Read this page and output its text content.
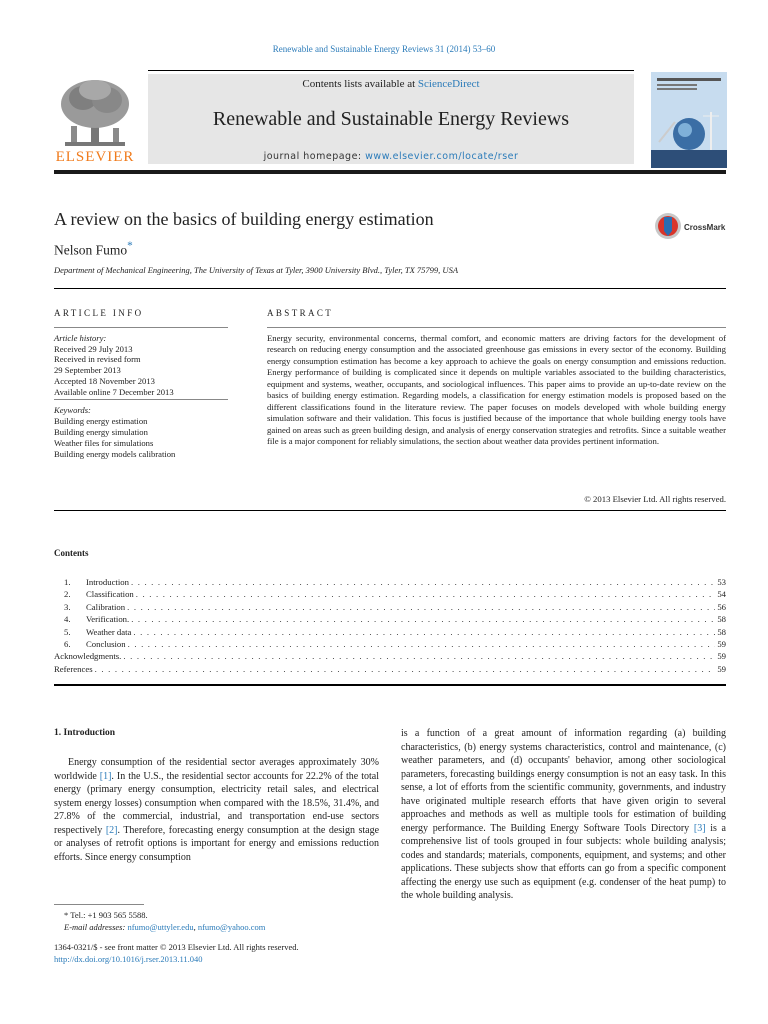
Renewable and Sustainable Energy Reviews 31 (2014) 53–60
ELSEVIER
Contents lists available at ScienceDirect
Renewable and Sustainable Energy Reviews
journal homepage: www.elsevier.com/locate/rser
A review on the basics of building energy estimation
Nelson Fumo*
Department of Mechanical Engineering, The University of Texas at Tyler, 3900 University Blvd., Tyler, TX 75799, USA
CrossMark
ARTICLE INFO
Article history:
Received 29 July 2013
Received in revised form
29 September 2013
Accepted 18 November 2013
Available online 7 December 2013
Keywords:
Building energy estimation
Building energy simulation
Weather files for simulations
Building energy models calibration
ABSTRACT
Energy security, environmental concerns, thermal comfort, and economic matters are driving factors for the development of research on reducing energy consumption and the associated greenhouse gas emissions in every sector of the economy. Building energy consumption estimation has become a key approach to achieve the goals on energy consumption and emissions reduction. Energy performance of building is complicated since it depends on multiple variables associated to the building characteristics, equipment and systems, weather, occupants, and sociological influences. This paper aims to provide an up-to-date review on the basics of building energy estimation. Regarding models, a classification for energy estimation models is proposed based on the different classifications found in the literature review. The paper focuses on models developed with whole building energy simulation software and their validation. This focus is justified because of the importance that whole building energy tools have gained on areas such as green building design, and analysis of energy conservation strategies and retrofits. Since a suitable weather file is a major component for reliably simulations, the section about weather data provides pertinent information.
© 2013 Elsevier Ltd. All rights reserved.
Contents
1.	Introduction . . .	53
2.	Classification . . .	54
3.	Calibration . . .	56
4.	Verification. . . .	58
5.	Weather data . . .	58
6.	Conclusion . . .	59
Acknowledgments. . . .	59
References . . .	59
1. Introduction
Energy consumption of the residential sector averages approximately 30% worldwide [1]. In the U.S., the residential sector accounts for 22.2% of the total energy (primary energy consumption, electricity retail sales, and electrical system energy losses) consumption when compared with the 18.5%, 31.4%, and 27.8% of the commercial, industrial, and transportation end-use sectors respectively [2]. Therefore, forecasting energy consumption at the design stage or analyses of retrofit options is important for energy and emissions reduction efforts. Since energy consumption
is a function of a great amount of information regarding (a) building characteristics, (b) energy systems characteristics, control and maintenance, (c) weather parameters, and (d) occupants' behavior, among other sociological parameters, forecasting buildings energy consumption is not an easy task. In this sense, a lot of efforts from the scientific community, governments, and industry have originated multiple research efforts that have given origin to several approaches and methods as well as multiple tools for estimation of building energy performance. The Building Energy Software Tools Directory [3] is a comprehensive list of tools grouped in four subjects: whole building analysis; codes and standards; materials, components, equipment, and systems; and other applications. These subjects show that efforts can go from a specific component affecting the energy use such as equipment (e.g. condenser of the heat pump) to the whole building analysis.
* Tel.: +1 903 565 5588.
E-mail addresses: nfumo@uttyler.edu, nfumo@yahoo.com
1364-0321/$ - see front matter © 2013 Elsevier Ltd. All rights reserved.
http://dx.doi.org/10.1016/j.rser.2013.11.040
